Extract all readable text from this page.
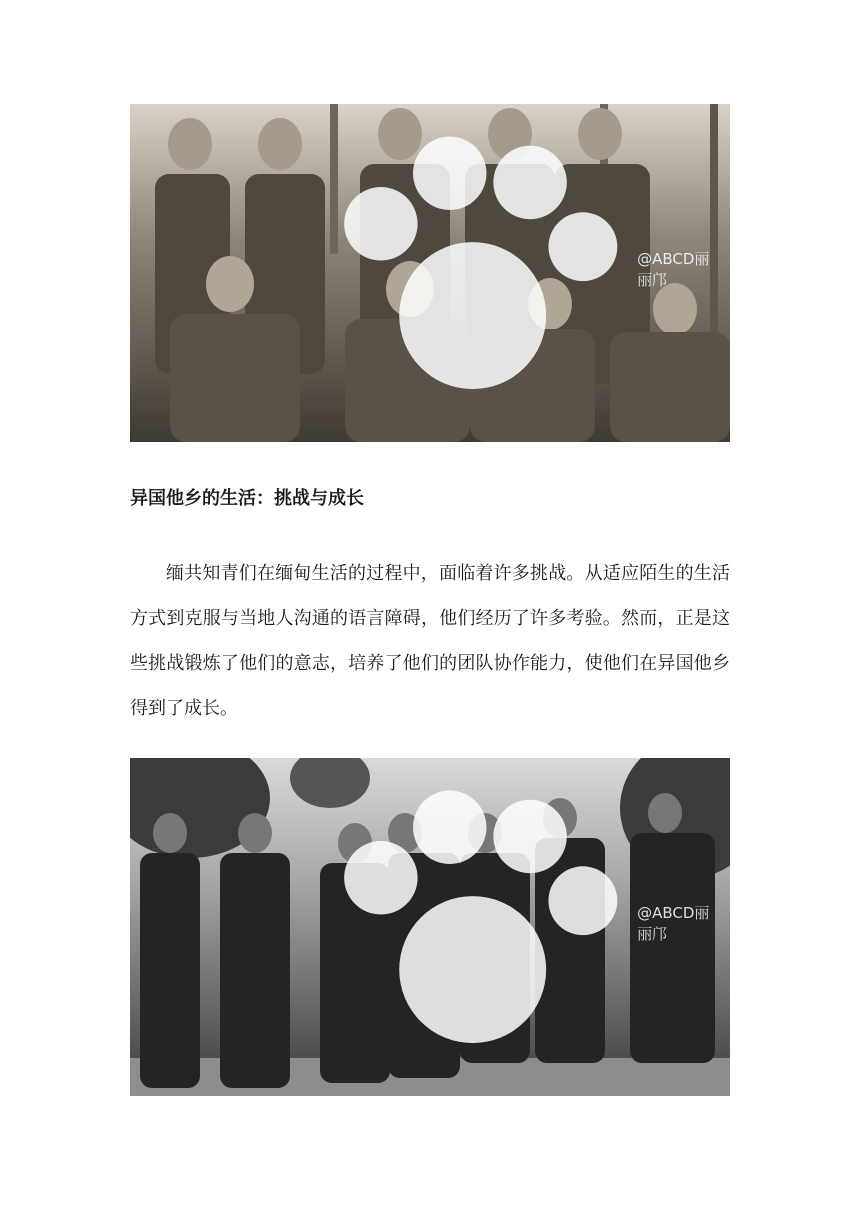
@ABCD丽丽邝
异国他乡的生活：挑战与成长

缅共知青们在缅甸生活的过程中，面临着许多挑战。从适应陌生的生活方式到克服与当地人沟通的语言障碍，他们经历了许多考验。然而，正是这些挑战锻炼了他们的意志，培养了他们的团队协作能力，使他们在异国他乡得到了成长。

@ABCD丽丽邝
